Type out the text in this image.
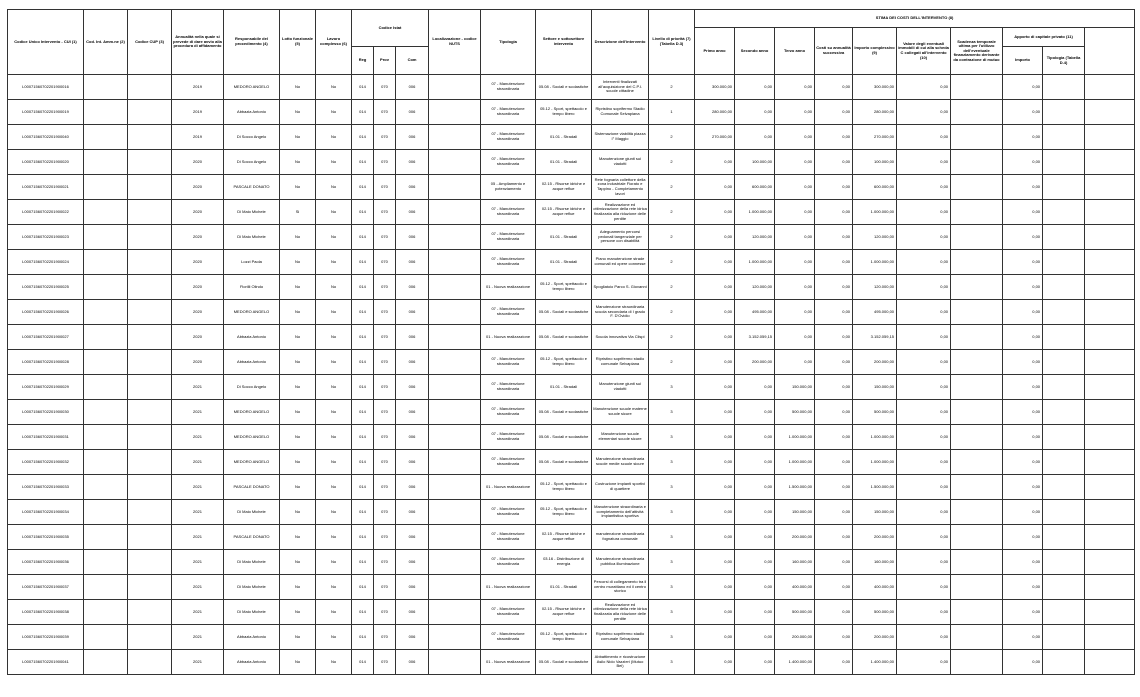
Codice Unico Intervento - CUI (1)	Cod. Int. Amm.ne (2)	Codice CUP (3)	Annualità nella quale si prevede di dare avvio alla procedura di affidamento	Responsabile del procedimento (4)	Lotto funzionale (5)	Lavoro complesso (6)	Codice Istat			Localizzazione - codice NUTS	Tipologia	Settore e sottosettore intervento	Descrizione dell'intervento	Livello di priorità (7) (Tabella D.3)	STIMA DEI COSTI DELL'INTERVENTO (8)	
															Primo anno	Secondo anno	Terzo anno	Costi su annualità successiva	Importo complessivo (9)	Valore degli eventuali immobili di cui alla scheda C collegati all'intervento (10)	Scadenza temporale ultima per l'utilizzo dell'eventuale finanziamento derivante da contrazione di mutuo	Apporto di capitale privato (11)			
							Reg	Prov	Com													Importo	Tipologia (Tabella D.4)		
L00071560702201900016			2019	MEDORO ANGELO	No	No	014	070	006		07 - Manutenzione straordinaria	05.08 - Sociali e scolastiche	Interventi finalizzati all'acquisizione del C.P.I. scuole cittadine	2	300.000,00	0,00	0,00	0,00	300.000,00	0,00		0,00			
L00071560702201900019			2019	Abbazia Antonio	No	No	014	070	006		07 - Manutenzione straordinaria	05.12 - Sport, spettacolo e tempo libero	Ripristino soprifermo Stadio Comunale Selvapiana	1	280.000,00	0,00	0,00	0,00	280.000,00	0,00		0,00			
L00071560702201900040			2019	Di Socco Angelo	No	No	014	070	006		07 - Manutenzione straordinaria	01.01 - Stradali	Sistemazione viabilità piazza I° Maggio	2	270.000,00	0,00	0,00	0,00	270.000,00	0,00		0,00			
L00071560702201900020			2020	Di Socco Angelo	No	No	014	070	006		07 - Manutenzione straordinaria	01.01 - Stradali	Manutenzione giunti sui viadotti	2	0,00	100.000,00	0,00	0,00	100.000,00	0,00		0,00			
L00071560702201900021			2020	PASCALE DONATO	No	No	014	070	006		05 - Ampliamento e potenziamento	02.15 - Risorse idriche e acque reflue	Rete fognaria collettore della zona industriale Fiorato e Tappino - Completamento lavori	2	0,00	600.000,00	0,00	0,00	600.000,00	0,00		0,00			
L00071560702201900022			2020	Di Maio Michele	Si	No	014	070	006		07 - Manutenzione straordinaria	02.15 - Risorse idriche e acque reflue	Realizzazione ed ottimizzazione della rete idrica finalizzata alla riduzione delle perdite	2	0,00	1.000.000,00	0,00	0,00	1.000.000,00	0,00		0,00			
L00071560702201900023			2020	Di Maio Michele	No	No	014	070	006		07 - Manutenzione straordinaria	01.01 - Stradali	Adeguamento percorsi pedonali tangenziale per persone con disabilità	2	0,00	120.000,00	0,00	0,00	120.000,00	0,00		0,00			
L00071560702201900024			2020	Lozzi Paola	No	No	014	070	006		07 - Manutenzione straordinaria	01.01 - Stradali	Piano manutenzione strade comunali ed opere connesse	2	0,00	1.000.000,00	0,00	0,00	1.000.000,00	0,00		0,00			
L00071560702201900025			2020	Fiorilli Olindo	No	No	014	070	006		01 - Nuova realizzazione	05.12 - Sport, spettacolo e tempo libero	Spogliatoio Parco S. Giovanni	2	0,00	120.000,00	0,00	0,00	120.000,00	0,00		0,00			
L00071560702201900026			2020	MEDORO ANGELO	No	No	014	070	006		07 - Manutenzione straordinaria	05.08 - Sociali e scolastiche	Manutenzione straordinaria scuola secondaria di I grado F. D'Ovidio	2	0,00	495.000,00	0,00	0,00	495.000,00	0,00		0,00			
L00071560702201900027			2020	Abbazia Antonio	No	No	014	070	006		01 - Nuova realizzazione	05.08 - Sociali e scolastiche	Scuola innovativa Via Clispi	2	0,00	3.152.059,15	0,00	0,00	3.152.059,15	0,00		0,00			
L00071560702201900028			2020	Abbazia Antonio	No	No	014	070	006		07 - Manutenzione straordinaria	05.12 - Sport, spettacolo e tempo libero	Ripristino soprifermo stadio comunale Selvapiana	2	0,00	200.000,00	0,00	0,00	200.000,00	0,00		0,00			
L00071560702201900029			2021	Di Socco Angelo	No	No	014	070	006		07 - Manutenzione straordinaria	01.01 - Stradali	Manutenzione giunti sui viadotti	3	0,00	0,00	150.000,00	0,00	150.000,00	0,00		0,00			
L00071560702201900030			2021	MEDORO ANGELO	No	No	014	070	006		07 - Manutenzione straordinaria	05.08 - Sociali e scolastiche	Manutenzione scuole materne scuole sicure	3	0,00	0,00	500.000,00	0,00	500.000,00	0,00		0,00			
L00071560702201900031			2021	MEDORO ANGELO	No	No	014	070	006		07 - Manutenzione straordinaria	05.08 - Sociali e scolastiche	Manutenzione scuole elementari scuole sicure	3	0,00	0,00	1.000.000,00	0,00	1.000.000,00	0,00		0,00			
L00071560702201900032			2021	MEDORO ANGELO	No	No	014	070	006		07 - Manutenzione straordinaria	05.08 - Sociali e scolastiche	Manutenzione straordinaria scuole medie scuole sicure	3	0,00	0,00	1.000.000,00	0,00	1.000.000,00	0,00		0,00			
L00071560702201900033			2021	PASCALE DONATO	No	No	014	070	006		01 - Nuova realizzazione	05.12 - Sport, spettacolo e tempo libero	Costruzione impianti sportivi di quartiere	3	0,00	0,00	1.500.000,00	0,00	1.500.000,00	0,00		0,00			
L00071560702201900034			2021	Di Maio Michele	No	No	014	070	006		07 - Manutenzione straordinaria	05.12 - Sport, spettacolo e tempo libero	Manutenzione straordinaria e completamento dell'attività impiantistica sportiva	3	0,00	0,00	150.000,00	0,00	150.000,00	0,00		0,00			
L00071560702201900035			2021	PASCALE DONATO	No	No	014	070	006		07 - Manutenzione straordinaria	02.15 - Risorse idriche e acque reflue	manutenzione straordinaria fognatura comunale	3	0,00	0,00	200.000,00	0,00	200.000,00	0,00		0,00			
L00071560702201900036			2021	Di Maio Michele	No	No	014	070	006		07 - Manutenzione straordinaria	03.16 - Distribuzione di energia	Manutenzione straordinaria pubblica illuminazione	3	0,00	0,00	160.000,00	0,00	160.000,00	0,00		0,00			
L00071560702201900037			2021	Di Maio Michele	No	No	014	070	006		01 - Nuova realizzazione	01.01 - Stradali	Percorsi di collegamento tra il centro murattiano ed il centro storico	3	0,00	0,00	400.000,00	0,00	400.000,00	0,00		0,00			
L00071560702201900038			2021	Di Maio Michele	No	No	014	070	006		07 - Manutenzione straordinaria	02.15 - Risorse idriche e acque reflue	Realizzazione ed ottimizzazione della rete idrica finalizzata alla riduzione delle perdite	3	0,00	0,00	500.000,00	0,00	500.000,00	0,00		0,00			
L00071560702201900039			2021	Abbazia Antonio	No	No	014	070	006		07 - Manutenzione straordinaria	05.12 - Sport, spettacolo e tempo libero	Ripristino soprifermo stadio comunale Selvapiana	3	0,00	0,00	200.000,00	0,00	200.000,00	0,00		0,00			
L00071560702201900041			2021	Abbazia Antonio	No	No	014	070	006		01 - Nuova realizzazione	05.08 - Sociali e scolastiche	Abbattimento e ricostruzione Asilo Nido Vazzieri (Mutuo Bei)	3	0,00	0,00	1.400.000,00	0,00	1.400.000,00	0,00		0,00			
